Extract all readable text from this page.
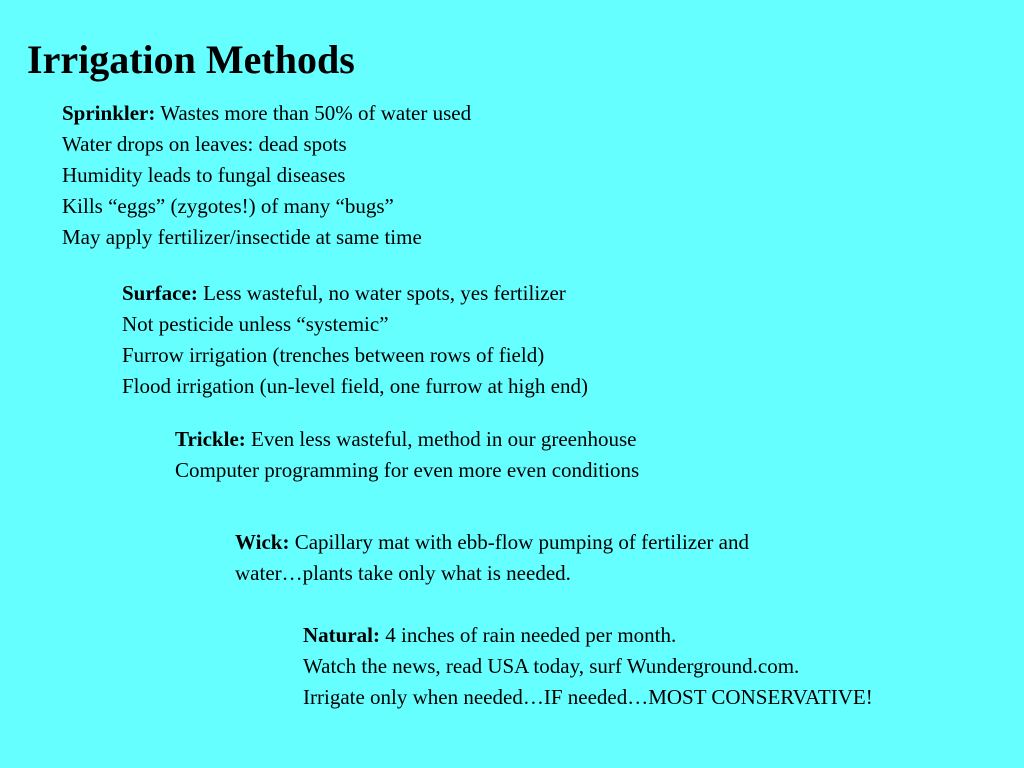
Irrigation Methods
Sprinkler: Wastes more than 50% of water used
Water drops on leaves: dead spots
Humidity leads to fungal diseases
Kills “eggs” (zygotes!) of many “bugs”
May apply fertilizer/insectide at same time
Surface: Less wasteful, no water spots, yes fertilizer
Not pesticide unless “systemic”
Furrow irrigation (trenches between rows of field)
Flood irrigation (un-level field, one furrow at high end)
Trickle: Even less wasteful, method in our greenhouse
Computer programming for even more even conditions
Wick: Capillary mat with ebb-flow pumping of fertilizer and
water…plants take only what is needed.
Natural: 4 inches of rain needed per month.
Watch the news, read USA today, surf Wunderground.com.
Irrigate only when needed…IF needed…MOST CONSERVATIVE!
